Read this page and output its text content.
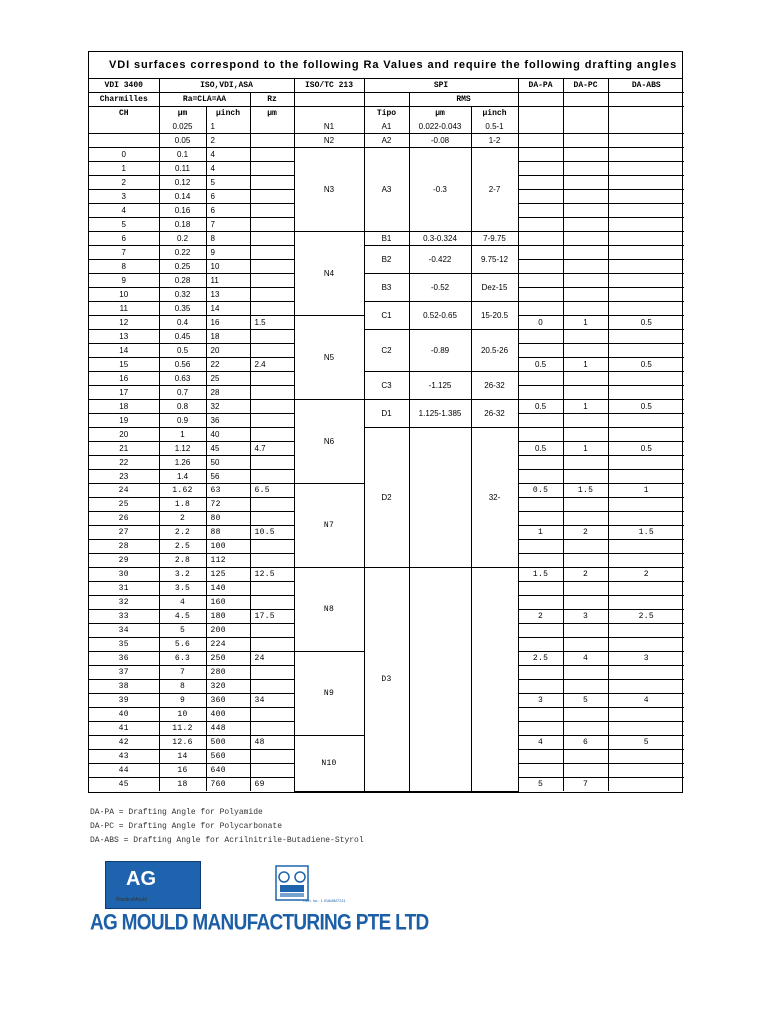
VDI surfaces correspond to the following Ra Values and require the following drafting angles
VDI 3400	ISO,VDI,ASA			ISO/TC 213	SPI			DA-PA	DA-PC	DA-ABS
Charmilles	Ra=CLA=AA		Rz			RMS				
CH	µm	µinch	µm		Tipo	µm	µinch			
	0.025	1		N1	A1	0.022-0.043	0.5-1			
	0.05	2		N2	A2	-0.08	1-2			
0	0.1	4		N3	A3	-0.3	2-7			
1	0.11	4								
2	0.12	5								
3	0.14	6								
4	0.16	6								
5	0.18	7								
6	0.2	8		N4	B1	0.3-0.324	7-9.75			
7	0.22	9			B2	-0.422	9.75-12			
8	0.25	10								
9	0.28	11			B3	-0.52	Dez-15			
10	0.32	13								
11	0.35	14			C1	0.52-0.65	15-20.5			
12	0.4	16	1.5	N5				0	1	0.5
13	0.45	18			C2	-0.89	20.5-26			
14	0.5	20								
15	0.56	22	2.4					0.5	1	0.5
16	0.63	25			C3	-1.125	26-32			
17	0.7	28								
18	0.8	32		N6	D1	1.125-1.385	26-32	0.5	1	0.5
19	0.9	36								
20	1	40			D2		32-			
21	1.12	45	4.7					0.5	1	0.5
22	1.26	50								
23	1.4	56								
24	1.62	63	6.5	N7				0.5	1.5	1
25	1.8	72								
26	2	80								
27	2.2	88	10.5					1	2	1.5
28	2.5	100								
29	2.8	112								
30	3.2	125	12.5	N8	D3			1.5	2	2
31	3.5	140								
32	4	160								
33	4.5	180	17.5					2	3	2.5
34	5	200								
35	5.6	224								
36	6.3	250	24	N9				2.5	4	3
37	7	280								
38	8	320								
39	9	360	34					3	5	4
40	10	400								
41	11.2	448								
42	12.6	500	48	N10				4	6	5
43	14	560								
44	16	640								
45	18	760	69					5	7	
DA-PA = Drafting Angle for Polyamide
DA-PC = Drafting Angle for Polycarbonate
DA-ABS = Drafting Angle for Acrilnitrile-Butadiene-Styrol
AG
PlasticsMould	Cert. no.: 1 ISAI8M7211
AG MOULD MANUFACTURING PTE LTD
